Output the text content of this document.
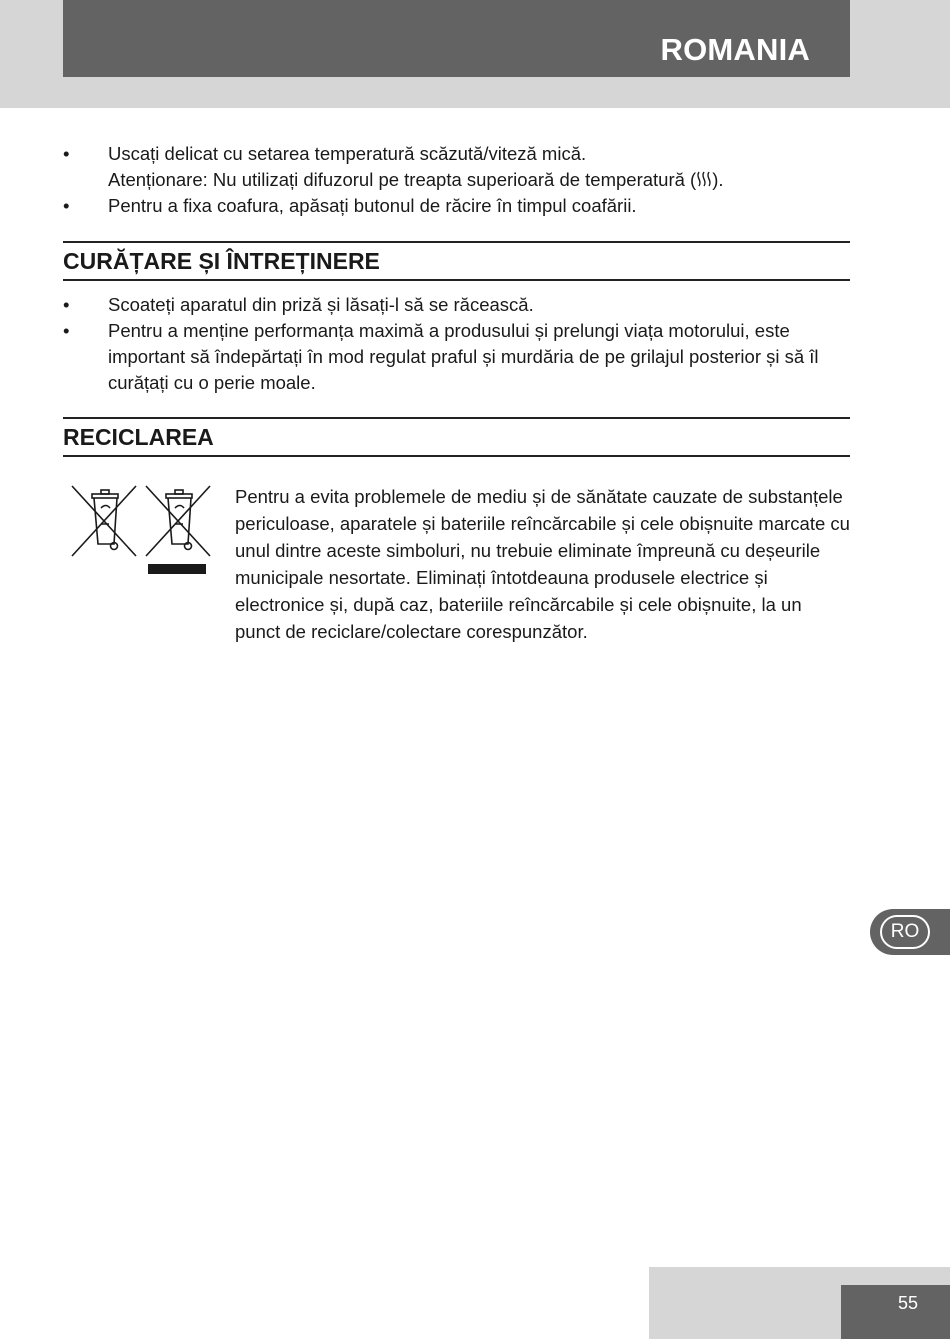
ROMANIA
• Uscați delicat cu setarea temperatură scăzută/viteză mică.
Atenționare: Nu utilizați difuzorul pe treapta superioară de temperatură ( ).
• Pentru a fixa coafura, apăsați butonul de răcire în timpul coafării.
CURĂȚARE ȘI ÎNTREȚINERE
• Scoateți aparatul din priză și lăsați-l să se răcească.
• Pentru a menține performanța maximă a produsului și prelungi viața motorului, este important să îndepărtați în mod regulat praful și murdăria de pe grilajul posterior și să îl curățați cu o perie moale.
RECICLAREA
Pentru a evita problemele de mediu și de sănătate cauzate de substanțele periculoase, aparatele și bateriile reîncărcabile și cele obișnuite marcate cu unul dintre aceste simboluri, nu trebuie eliminate împreună cu deșeurile municipale nesortate. Eliminați întotdeauna produsele electrice și electronice și, după caz, bateriile reîncărcabile și cele obișnuite, la un punct de reciclare/colectare corespunzător.
RO
55
